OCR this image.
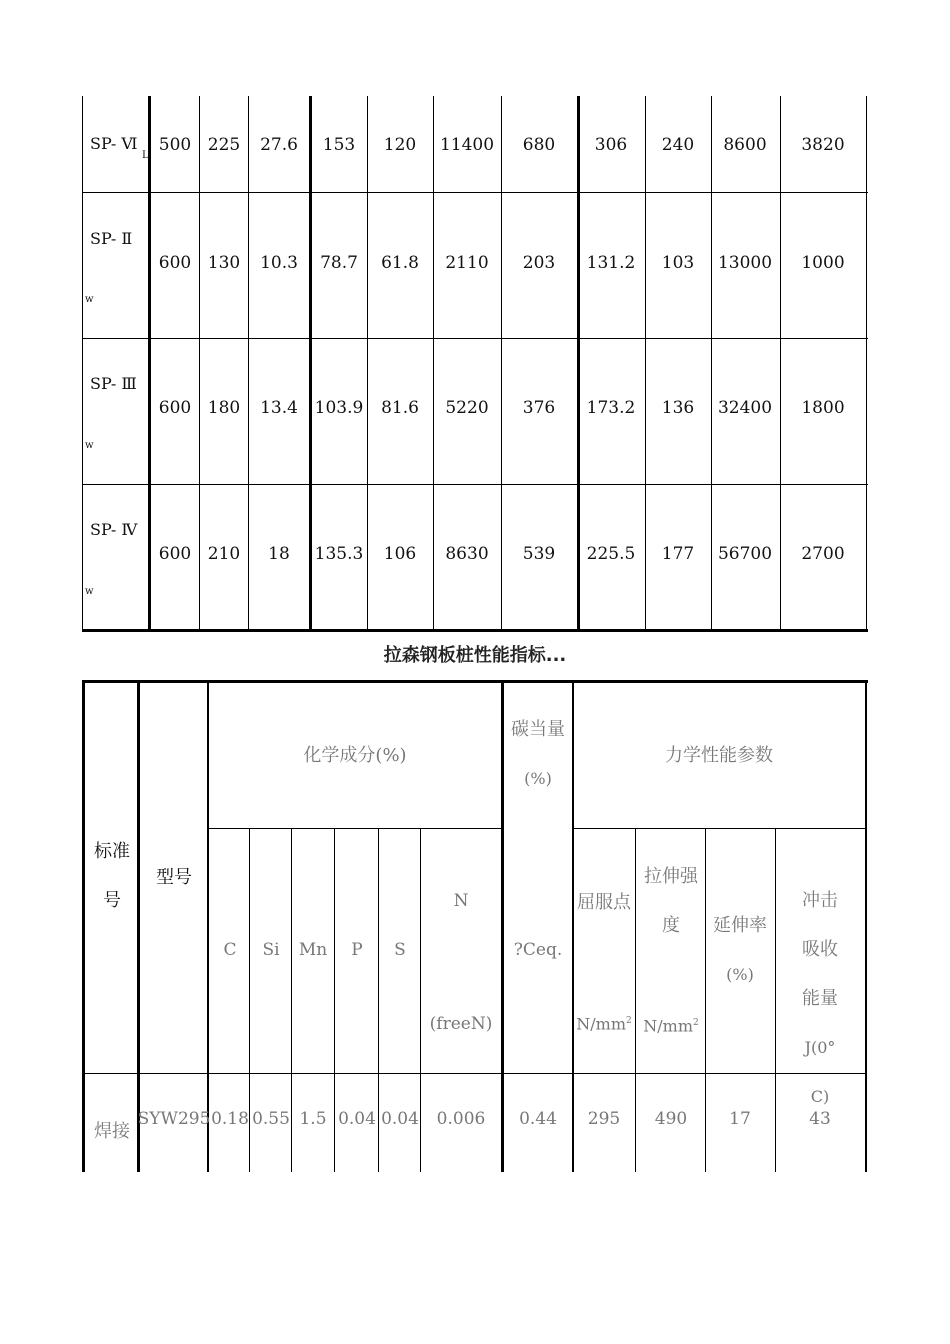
SP- Ⅵ
L
500 225 27.6 153 120 11400 680 306 240 8600 3820
SP- Ⅱ
w
600 130 10.3 78.7 61.8 2110 203 131.2 103 13000 1000
SP- Ⅲ
w
600 180 13.4 103.9 81.6 5220 376 173.2 136 32400 1800
SP- Ⅳ
w
600 210 18 135.3 106 8630 539 225.5 177 56700 2700
拉森钢板桩性能指标...
标准
号
型号
化学成分(%)
碳当量
(%)
力学性能参数
C Si Mn P S
N
(freeN)
?Ceq.
屈服点
$N/mm^2$
拉伸强
度
$N/mm^2$
延伸率
(%)
冲击吸收
能量
J(0° C)
焊接
SYW295 0.18 0.55 1.5 0.04 0.04 0.006 0.44 295 490 17	43
